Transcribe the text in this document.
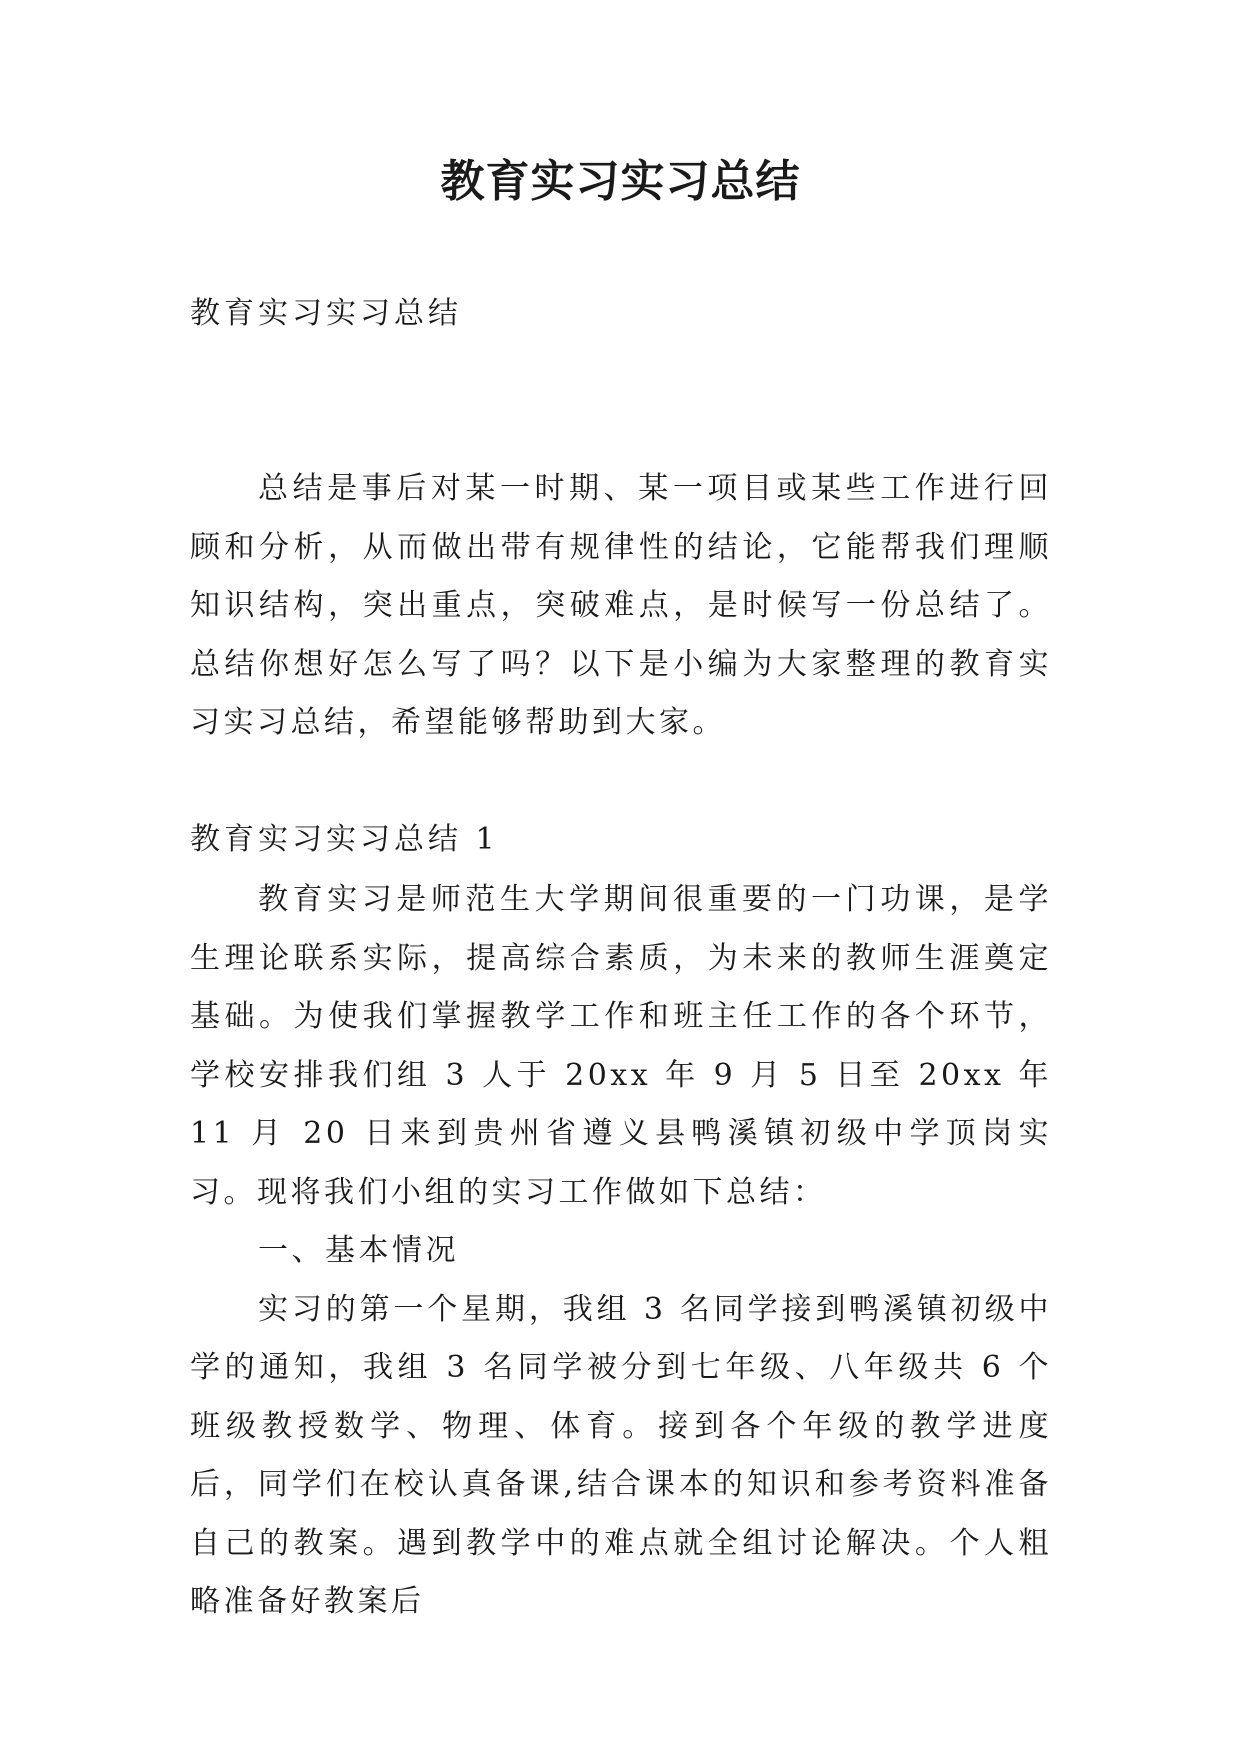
教育实习实习总结

教育实习实习总结

总结是事后对某一时期、某一项目或某些工作进行回顾和分析，从而做出带有规律性的结论，它能帮我们理顺知识结构，突出重点，突破难点，是时候写一份总结了。总结你想好怎么写了吗？以下是小编为大家整理的教育实习实习总结，希望能够帮助到大家。

教育实习实习总结 1

教育实习是师范生大学期间很重要的一门功课，是学生理论联系实际，提高综合素质，为未来的教师生涯奠定基础。为使我们掌握教学工作和班主任工作的各个环节，学校安排我们组 3 人于 20xx 年 9 月 5 日至 20xx 年 11 月 20 日来到贵州省遵义县鸭溪镇初级中学顶岗实习。现将我们小组的实习工作做如下总结：

一、基本情况

实习的第一个星期，我组 3 名同学接到鸭溪镇初级中学的通知，我组 3 名同学被分到七年级、八年级共 6 个班级教授数学、物理、体育。接到各个年级的教学进度后，同学们在校认真备课,结合课本的知识和参考资料准备自己的教案。遇到教学中的难点就全组讨论解决。个人粗略准备好教案后
